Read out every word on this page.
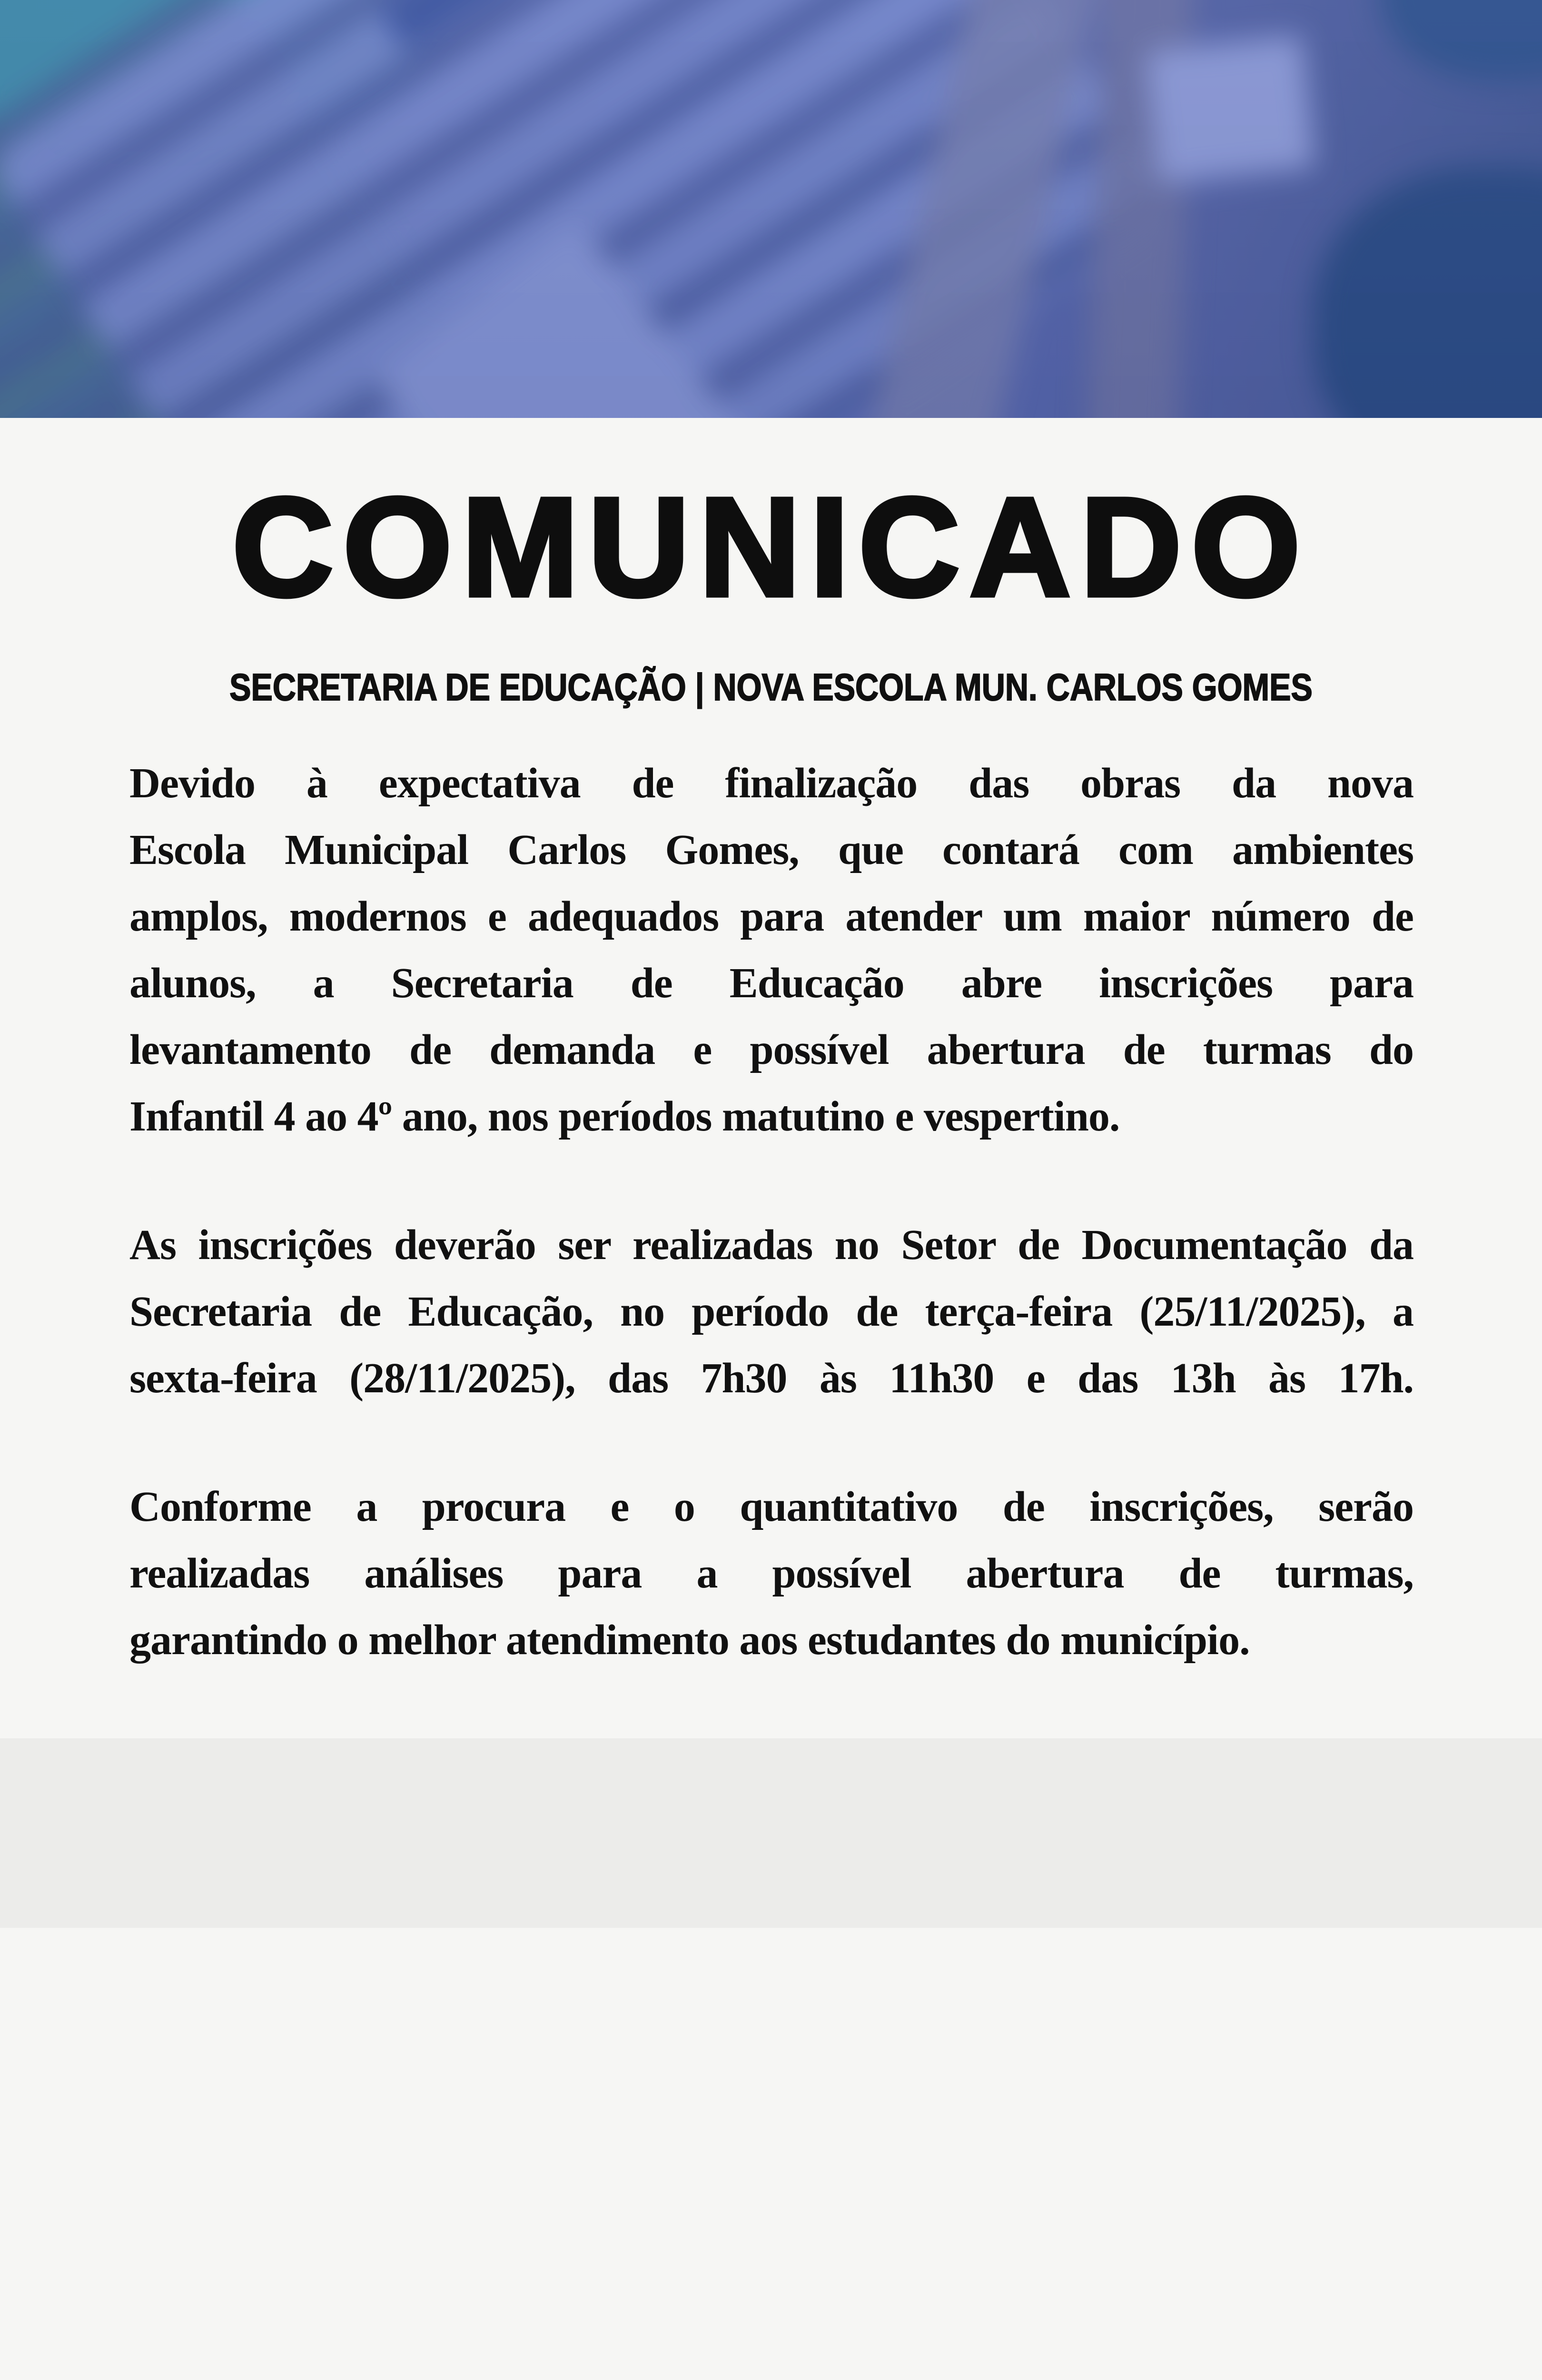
COMUNICADO
SECRETARIA DE EDUCAÇÃO | NOVA ESCOLA MUN. CARLOS GOMES
Devido à expectativa de finalização das obras da nova
Escola Municipal Carlos Gomes, que contará com ambientes
amplos, modernos e adequados para atender um maior número de
alunos, a Secretaria de Educação abre inscrições para
levantamento de demanda e possível abertura de turmas do
Infantil 4 ao 4º ano, nos períodos matutino e vespertino.
As inscrições deverão ser realizadas no Setor de Documentação da
Secretaria de Educação, no período de terça-feira (25/11/2025), a
sexta-feira (28/11/2025), das 7h30 às 11h30 e das 13h às 17h.
Conforme a procura e o quantitativo de inscrições, serão
realizadas análises para a possível abertura de turmas,
garantindo o melhor atendimento aos estudantes do município.
